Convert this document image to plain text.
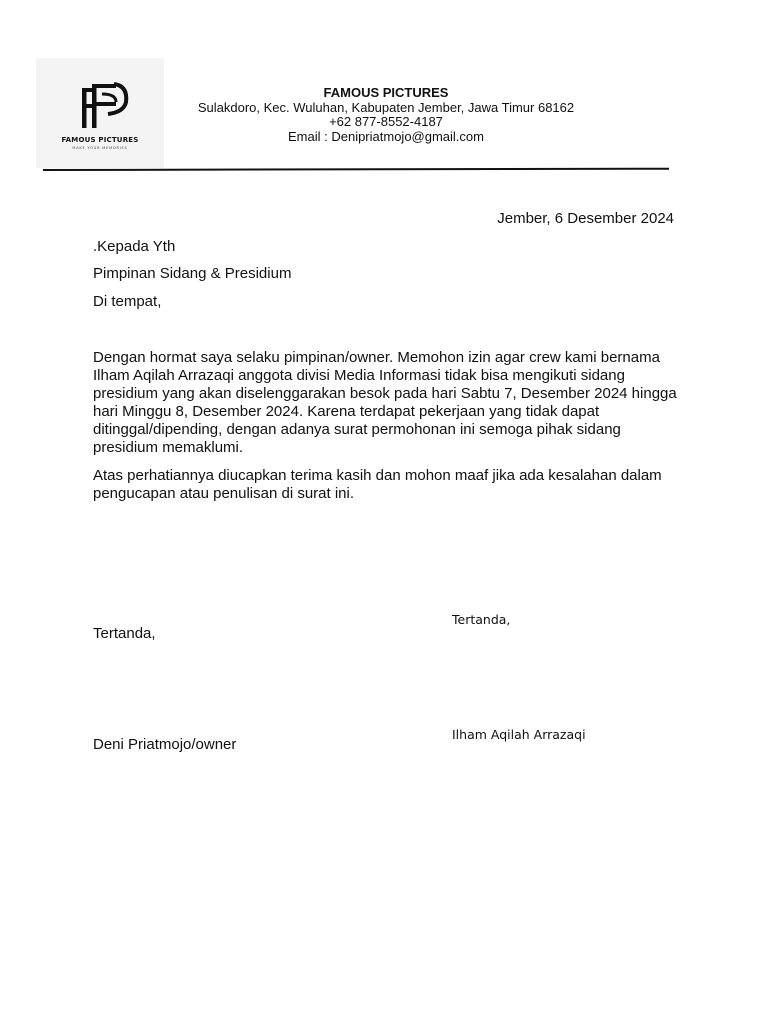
FAMOUS PICTURES
MAKE YOUR MEMORIES
FAMOUS PICTURES
Sulakdoro, Kec. Wuluhan, Kabupaten Jember, Jawa Timur 68162
+62 877-8552-4187
Email : Denipriatmojo@gmail.com
Jember, 6 Desember 2024
.Kepada Yth
Pimpinan Sidang & Presidium
Di tempat,

Dengan hormat saya selaku pimpinan/owner. Memohon izin agar crew kami bernama Ilham Aqilah Arrazaqi anggota divisi Media Informasi tidak bisa mengikuti sidang presidium yang akan diselenggarakan besok pada hari Sabtu 7, Desember 2024 hingga hari Minggu 8, Desember 2024. Karena terdapat pekerjaan yang tidak dapat ditinggal/dipending, dengan adanya surat permohonan ini semoga pihak sidang presidium memaklumi.

Atas perhatiannya diucapkan terima kasih dan mohon maaf jika ada kesalahan dalam pengucapan atau penulisan di surat ini.

Tertanda,
Deni Priatmojo/owner
Tertanda,
Ilham Aqilah Arrazaqi
